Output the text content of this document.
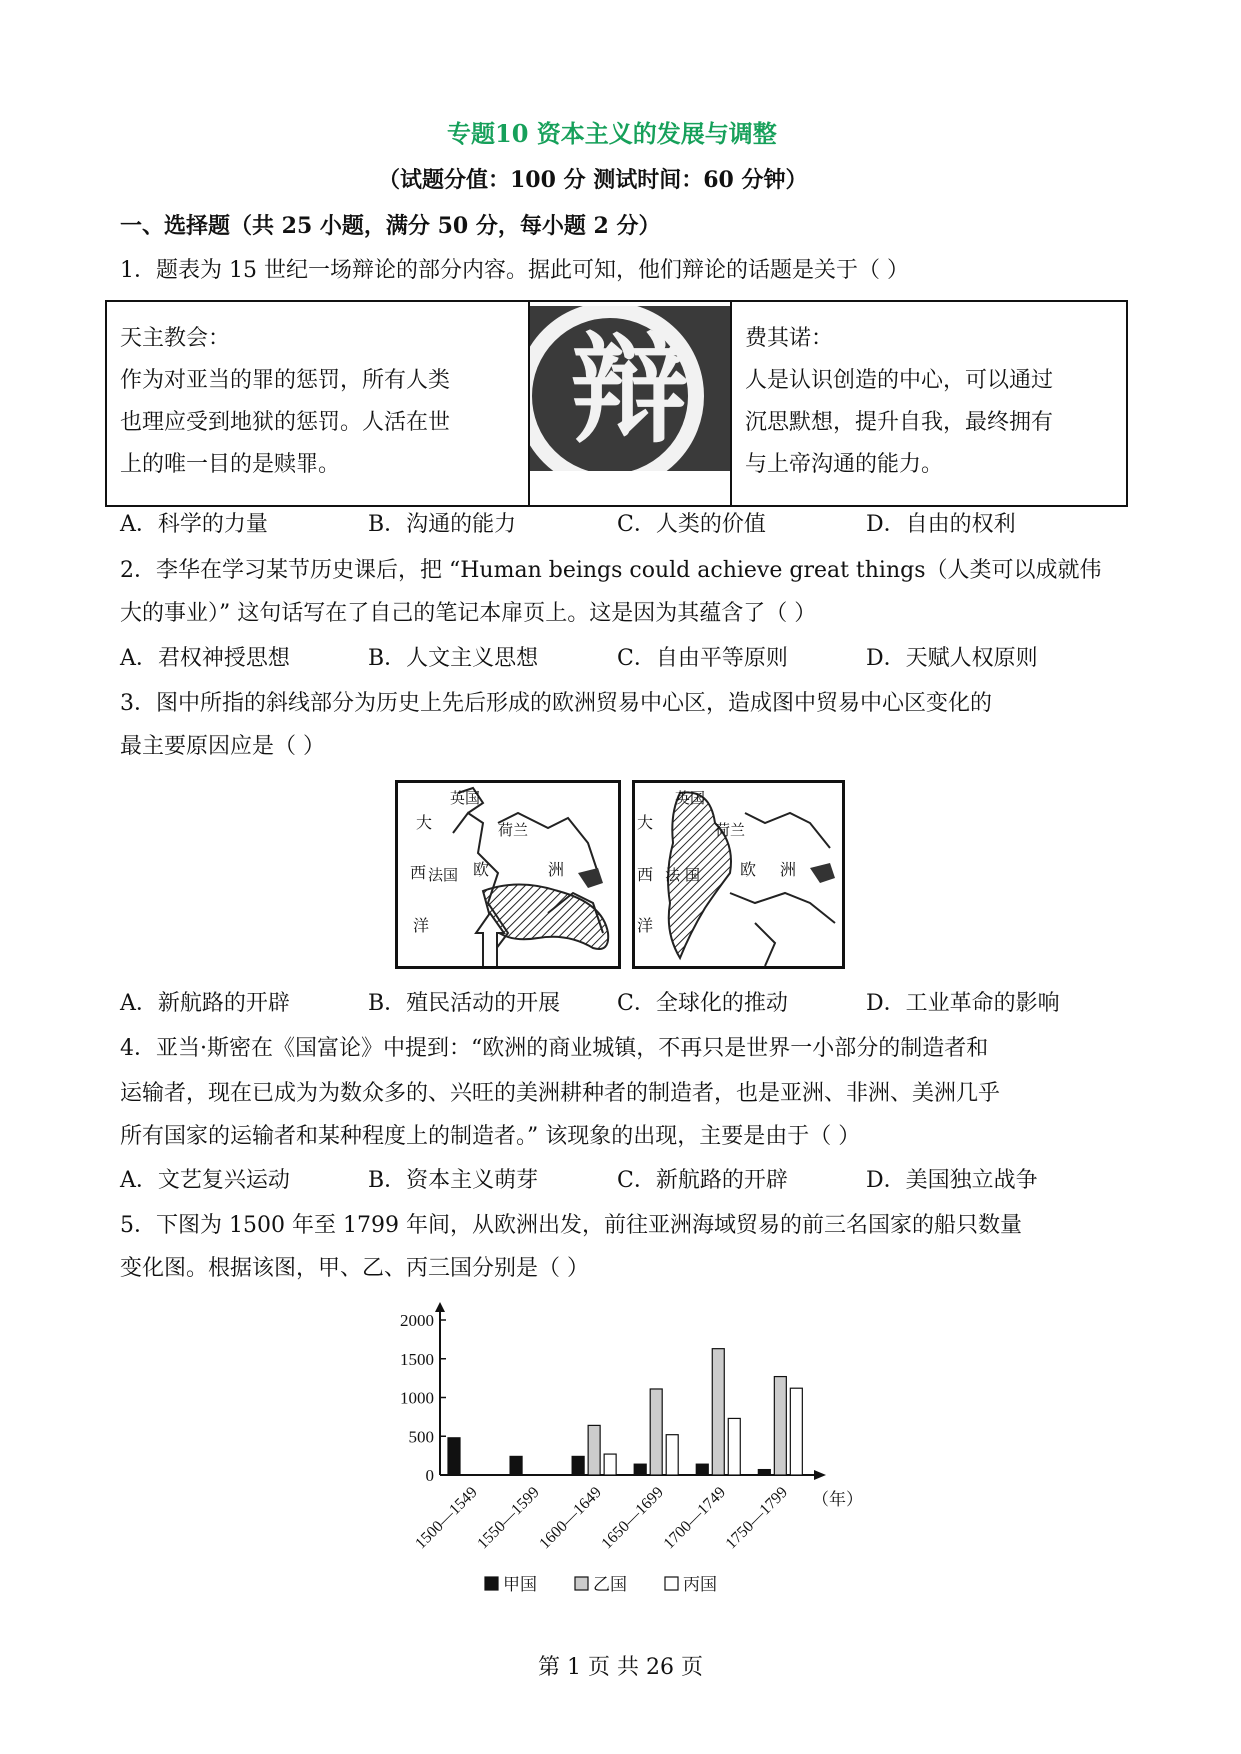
专题10 资本主义的发展与调整
（试题分值：100 分 测试时间：60 分钟）
一、选择题（共 25 小题，满分 50 分，每小题 2 分）
1．题表为 15 世纪一场辩论的部分内容。据此可知，他们辩论的话题是关于（ ）
天主教会：
作为对亚当的罪的惩罚，所有人类
也理应受到地狱的惩罚。人活在世
上的唯一目的是赎罪。

辩	费其诺：
人是认识创造的中心，可以通过
沉思默想，提升自我，最终拥有
与上帝沟通的能力。
A．科学的力量	B．沟通的能力	C．人类的价值	D．自由的权利
2．李华在学习某节历史课后，把 “Human beings could achieve great things（人类可以成就伟
大的事业）” 这句话写在了自己的笔记本扉页上。这是因为其蕴含了（ ）
A．君权神授思想	B．人文主义思想	C．自由平等原则	D．天赋人权原则
3．图中所指的斜线部分为历史上先后形成的欧洲贸易中心区，造成图中贸易中心区变化的
最主要原因应是（ ）
英国
荷兰
大
西 法国 欧	洲
洋
英国
荷兰
大
西 法 国 欧 洲
洋
A．新航路的开辟	B．殖民活动的开展	C．全球化的推动	D．工业革命的影响
4．亚当·斯密在《国富论》中提到：“欧洲的商业城镇，不再只是世界一小部分的制造者和
运输者，现在已成为为数众多的、兴旺的美洲耕种者的制造者，也是亚洲、非洲、美洲几乎
所有国家的运输者和某种程度上的制造者。” 该现象的出现，主要是由于（ ）
A．文艺复兴运动	B．资本主义萌芽	C．新航路的开辟	D．美国独立战争
5．下图为 1500 年至 1799 年间，从欧洲出发，前往亚洲海域贸易的前三名国家的船只数量
变化图。根据该图，甲、乙、丙三国分别是（ ）
0
500
1000
1500
2000
1500—1549
1550—1599
1600—1649
1650—1699
1700—1749
1750—1799 （年）
甲国	乙国	丙国
第 1 页 共 26 页
